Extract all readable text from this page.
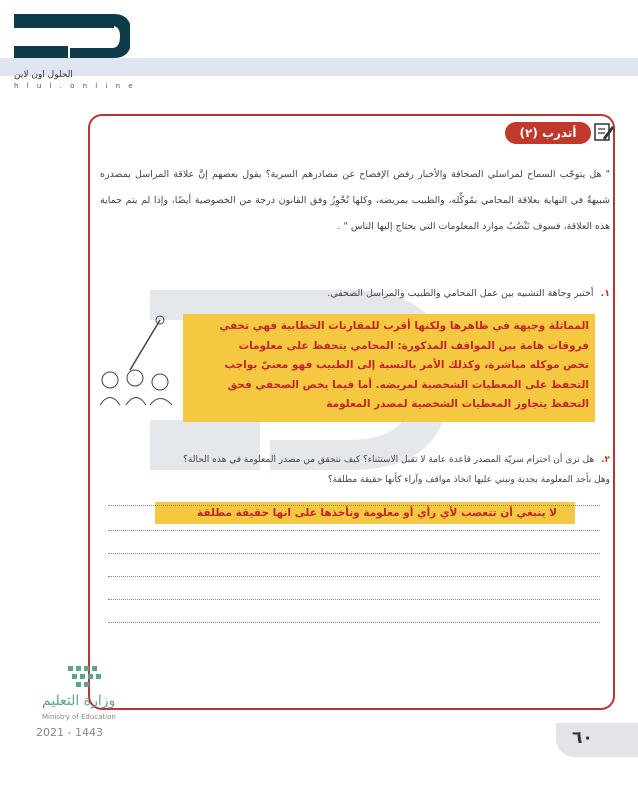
الحلول اون لاين
h l u l . o n l i n e
أتدرب (٢)
" هل يتوجّب السماح لمراسلي الصحافة والأخبار رفض الإفصاح عن مصادرهم السرية؟ يقول بعضهم إنَّ علاقة المراسل بمصدره شبيهةٌ في النهاية بعلاقة المحامي بمُوكِّله، والطبيب بمريضه، وكلها تُحْوِزُ وفق القانون درجة من الخصوصية أيضًا، وإذا لم يتم حماية هذه العلاقة، فسوف تَنْضُبُ موارد المعلومات التي يحتاج إليها الناس " .
١. أختبر وجاهة التشبيه بين عمل المحامي والطبيب والمراسل الصحفي.
المماثلة وجيهة في ظاهرها ولكنها أقرب للمقارنات الخطابية فهي تخفي
فروقات هامة بين المواقف المذكورة: المحامي يتحفظ على معلومات
تخص موكله مباشرة، وكذلك الأمر بالنسبة إلى الطبيب فهو معنيّ بواجب
التحفظ على المعطيات الشخصية لمريضه. أما فيما يخص الصحفي فحق
التحفظ يتجاوز المعطيات الشخصية لمصدر المعلومة
٢. هل ترى أن احترام سريّة المصدر قاعدة عامة لا تقبل الاستثناء؟ كيف نتحقق من مصدر المعلومة في هذه الحالة؟
وهل نأخذ المعلومة بجدية ونبني عليها اتخاذ مواقف وآراء كأنها حقيقة مطلقة؟
لا ينبغي أن تتعصب لأي رأي أو معلومة ونأخذها على انها حقيقة مطلقة
وزارة التعليم
Ministry of Education
2021 - 1443	٦٠
